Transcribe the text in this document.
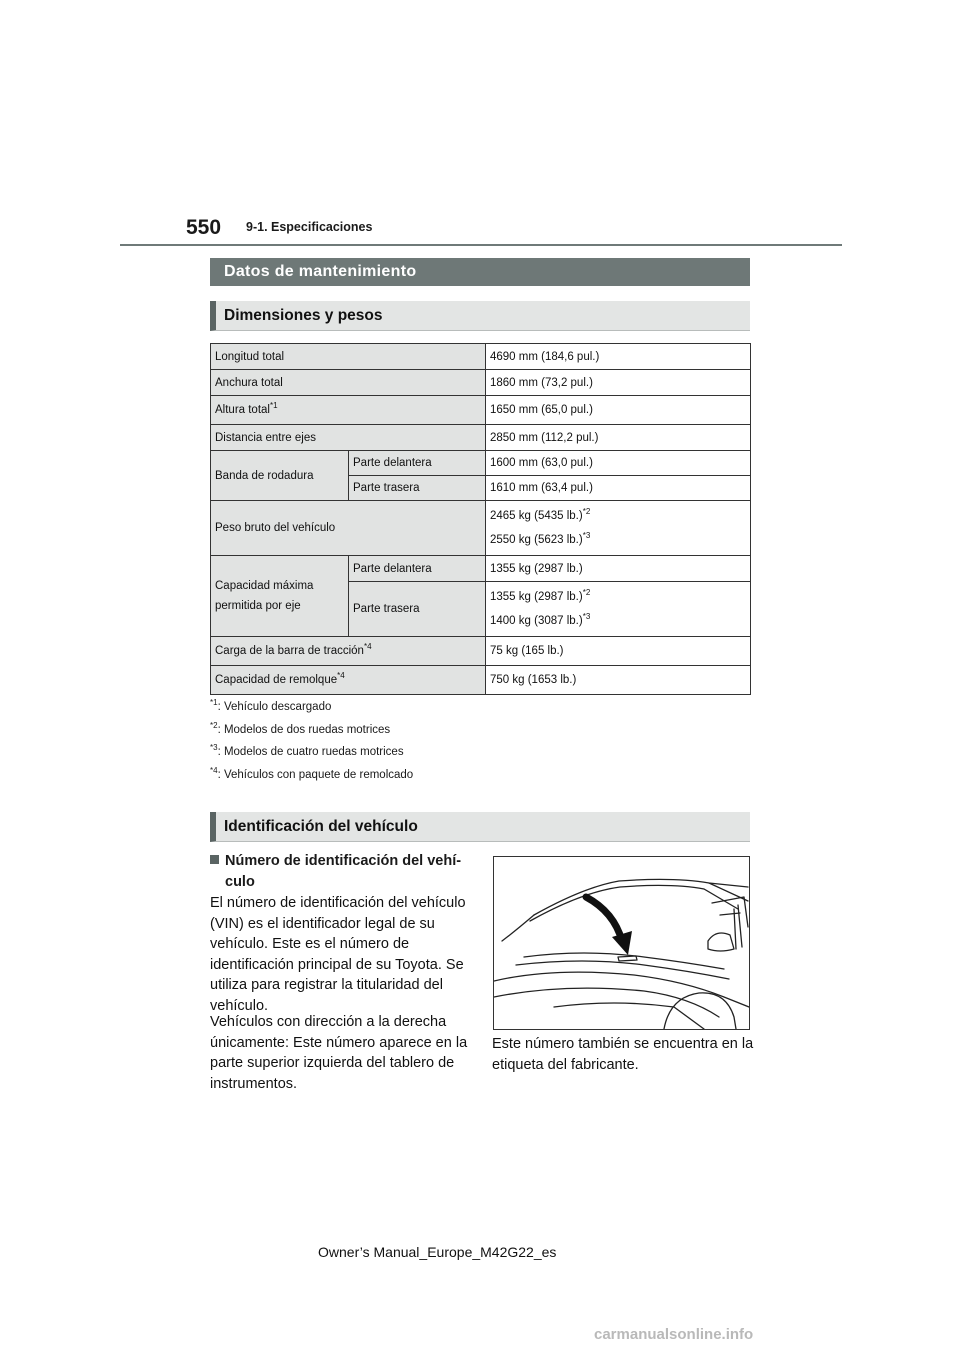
550 9-1. Especificaciones
Datos de mantenimiento
Dimensiones y pesos
Longitud total		4690 mm (184,6 pul.)
Anchura total		1860 mm (73,2 pul.)
Altura total$^{*1}$		1650 mm (65,0 pul.)
Distancia entre ejes		2850 mm (112,2 pul.)
Banda de rodadura	Parte delantera	1600 mm (63,0 pul.)
	Parte trasera	1610 mm (63,4 pul.)
Peso bruto del vehículo		2465 kg (5435 lb.)$^{*2}$
2550 kg (5623 lb.)$^{*3}$

Capacidad máxima
permitida por eje	Parte delantera	1355 kg (2987 lb.)
	Parte trasera	1355 kg (2987 lb.)$^{*2}$
1400 kg (3087 lb.)$^{*3}$

Carga de la barra de tracción$^{*4}$		75 kg (165 lb.)
Capacidad de remolque$^{*4}$		750 kg (1653 lb.)
$^{*1}$: Vehículo descargado
$^{*2}$: Modelos de dos ruedas motrices
$^{*3}$: Modelos de cuatro ruedas motrices
$^{*4}$: Vehículos con paquete de remolcado
Identificación del vehículo
Número de identificación del vehí-
culo
El número de identificación del vehículo (VIN) es el identificador legal de su vehículo. Este es el número de identificación principal de su Toyota. Se utiliza para registrar la titularidad del vehículo.
Vehículos con dirección a la derecha únicamente: Este número aparece en la parte superior izquierda del tablero de instrumentos.
Este número también se encuentra en la etiqueta del fabricante.
Owner’s Manual_Europe_M42G22_es
carmanualsonline.info
